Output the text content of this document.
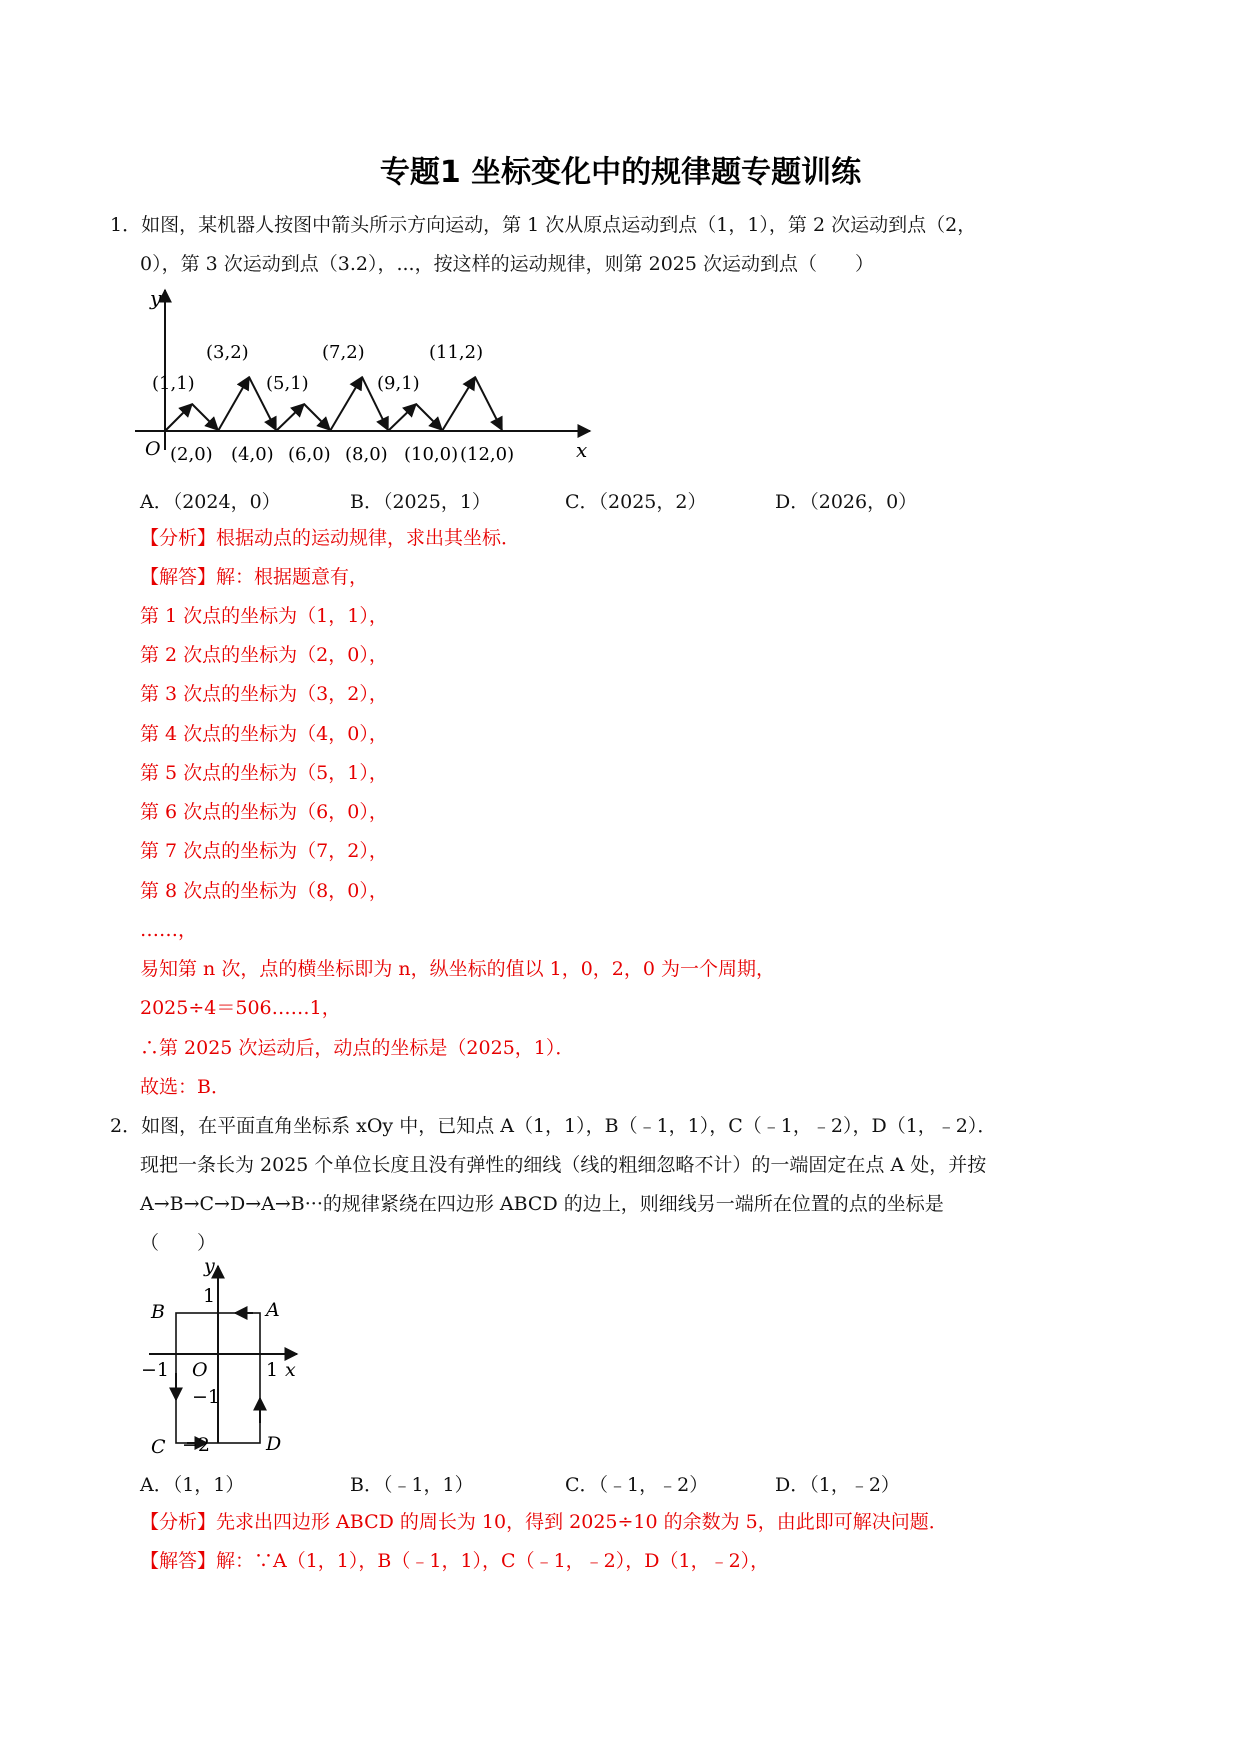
专题1 坐标变化中的规律题专题训练
1．如图，某机器人按图中箭头所示方向运动，第 1 次从原点运动到点（1，1），第 2 次运动到点（2，
0），第 3 次运动到点（3.2），...，按这样的运动规律，则第 2025 次运动到点（　　）
y
x
O
(1,1)
(3,2)
(5,1)
(7,2)
(9,1)
(11,2)
(2,0) (4,0) (6,0) (8,0) (10,0) (12,0)
A．（2024，0）	B．（2025，1）	C．（2025，2）	D．（2026，0）
【分析】根据动点的运动规律，求出其坐标．
【解答】解：根据题意有，
第 1 次点的坐标为（1，1），
第 2 次点的坐标为（2，0），
第 3 次点的坐标为（3，2），
第 4 次点的坐标为（4，0），
第 5 次点的坐标为（5，1），
第 6 次点的坐标为（6，0），
第 7 次点的坐标为（7，2），
第 8 次点的坐标为（8，0），
……，
易知第 n 次，点的横坐标即为 n，纵坐标的值以 1，0，2，0 为一个周期，
2025÷4＝506……1，
∴第 2025 次运动后，动点的坐标是（2025，1）．
故选：B．
2．如图，在平面直角坐标系 xOy 中，已知点 A（1，1），B（﹣1，1），C（﹣1，﹣2），D（1，﹣2）．
现把一条长为 2025 个单位长度且没有弹性的细线（线的粗细忽略不计）的一端固定在点 A 处，并按
A→B→C→D→A→B···的规律紧绕在四边形 ABCD 的边上，则细线另一端所在位置的点的坐标是
（　　）
y
x
O
B	A
C	D
1
1
−1
−1
−2
A．（1，1）	B．（﹣1，1）	C．（﹣1，﹣2）	D．（1，﹣2）
【分析】先求出四边形 ABCD 的周长为 10，得到 2025÷10 的余数为 5，由此即可解决问题．
【解答】解：∵A（1，1），B（﹣1，1），C（﹣1，﹣2），D（1，﹣2），
